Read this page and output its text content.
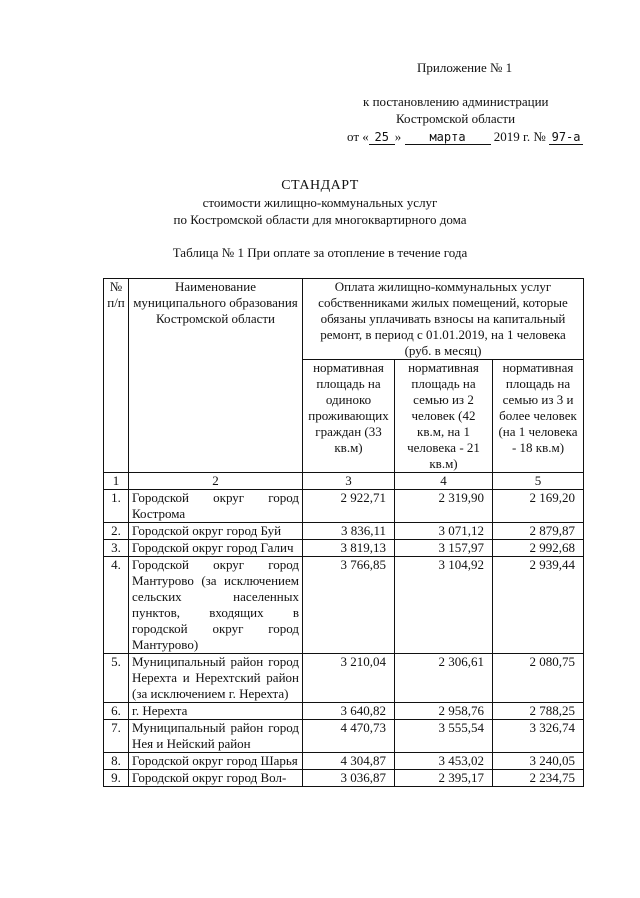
Приложение № 1
к постановлению администрации
Костромской области
от « 25 » марта 2019 г. № 97-а
СТАНДАРТ
стоимости жилищно-коммунальных услуг
по Костромской области для многоквартирного дома
Таблица № 1 При оплате за отопление в течение года
№ п/п	Наименование муниципального образования Костромской области	Оплата жилищно-коммунальных услуг собственниками жилых помещений, которые обязаны уплачивать взносы на капитальный ремонт, в период с 01.01.2019, на 1 человека (руб. в месяц)		
		нормативная площадь на одиноко проживающих граждан (33 кв.м)	нормативная площадь на семью из 2 человек (42 кв.м, на 1 человека - 21 кв.м)	нормативная площадь на семью из 3 и более человек (на 1 человека - 18 кв.м)
1	2	3	4	5
1.	Городской округ город Кострома	2 922,71	2 319,90	2 169,20
2.	Городской округ город Буй	3 836,11	3 071,12	2 879,87
3.	Городской округ город Галич	3 819,13	3 157,97	2 992,68
4.	Городской округ город Мантурово (за исключением сельских населенных пунктов, входящих в городской округ город Мантурово)	3 766,85	3 104,92	2 939,44
5.	Муниципальный район город Нерехта и Нерехтский район (за исключением г. Нерехта)	3 210,04	2 306,61	2 080,75
6.	г. Нерехта	3 640,82	2 958,76	2 788,25
7.	Муниципальный район город Нея и Нейский район	4 470,73	3 555,54	3 326,74
8.	Городской округ город Шарья	4 304,87	3 453,02	3 240,05
9.	Городской округ город Вол-	3 036,87	2 395,17	2 234,75
